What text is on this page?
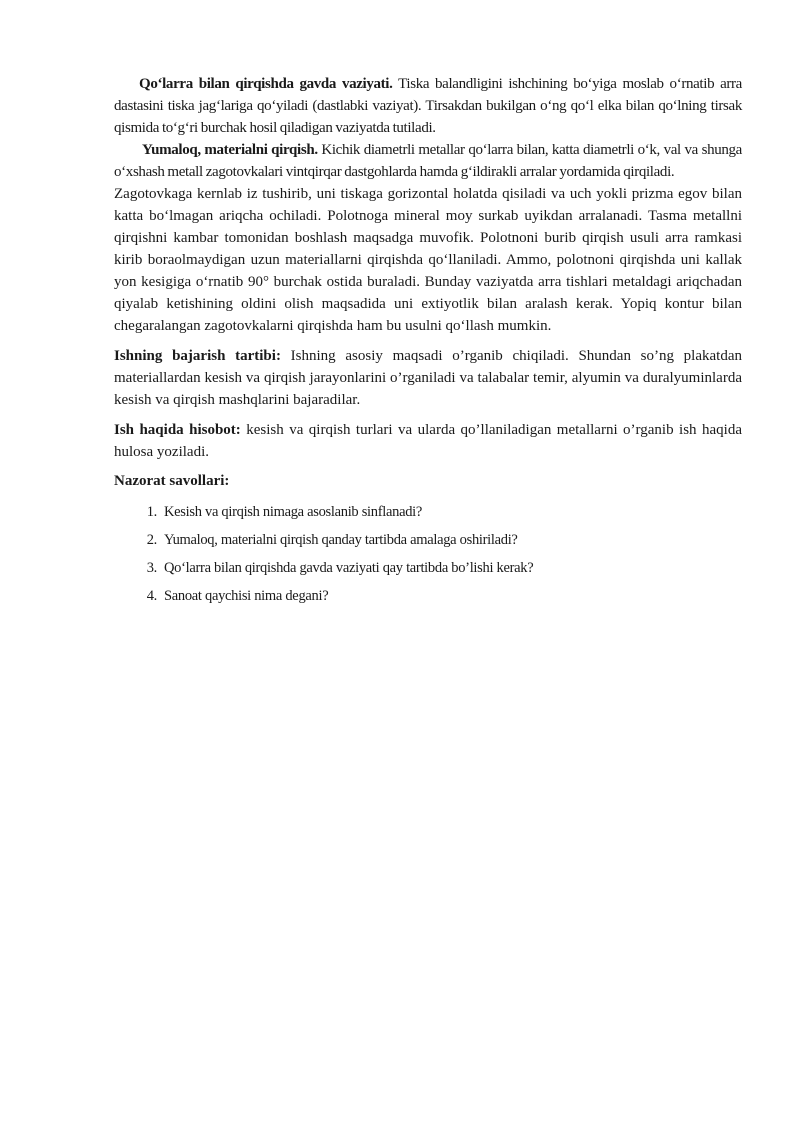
Qo‘larra bilan qirqishda gavda vaziyati. Tiska balandligini ishchining bo‘yiga moslab o‘rnatib arra dastasini tiska jag‘lariga qo‘yiladi (dastlabki vaziyat). Tirsakdan bukilgan o‘ng qo‘l elka bilan qo‘lning tirsak qismida to‘g‘ri burchak hosil qiladigan vaziyatda tutiladi.

Yumaloq, materialni qirqish. Kichik diametrli metallar qo‘larra bilan, katta diametrli o‘k, val va shunga o‘xshash metall zagotovkalari vintqirqar dastgohlarda hamda g‘ildirakli arralar yordamida qirqiladi.

Zagotovkaga kernlab iz tushirib, uni tiskaga gorizontal holatda qisiladi va uch yokli prizma egov bilan katta bo‘lmagan ariqcha ochiladi. Polotnoga mineral moy surkab uyikdan arralanadi. Tasma metallni qirqishni kambar tomonidan boshlash maqsadga muvofik. Polotnoni burib qirqish usuli arra ramkasi kirib boraolmaydigan uzun materiallarni qirqishda qo‘llaniladi. Ammo, polotnoni qirqishda uni kallak yon kesigiga o‘rnatib 90° burchak ostida buraladi. Bunday vaziyatda arra tishlari metaldagi ariqchadan qiyalab ketishining oldini olish maqsadida uni extiyotlik bilan aralash kerak. Yopiq kontur bilan chegaralangan zagotovkalarni qirqishda ham bu usulni qo‘llash mumkin.

Ishning bajarish tartibi: Ishning asosiy maqsadi o’rganib chiqiladi. Shundan so’ng plakatdan materiallardan kesish va qirqish jarayonlarini o’rganiladi va talabalar temir, alyumin va duralyuminlarda kesish va qirqish mashqlarini bajaradilar.

Ish haqida hisobot: kesish va qirqish turlari va ularda qo’llaniladigan metallarni o’rganib ish haqida hulosa yoziladi.

Nazorat savollari:

1. Kesish va qirqish nimaga asoslanib sinflanadi?
2. Yumaloq, materialni qirqish qanday tartibda amalaga oshiriladi?
3. Qo‘larra bilan qirqishda gavda vaziyati qay tartibda bo’lishi kerak?
4. Sanoat qaychisi nima degani?
